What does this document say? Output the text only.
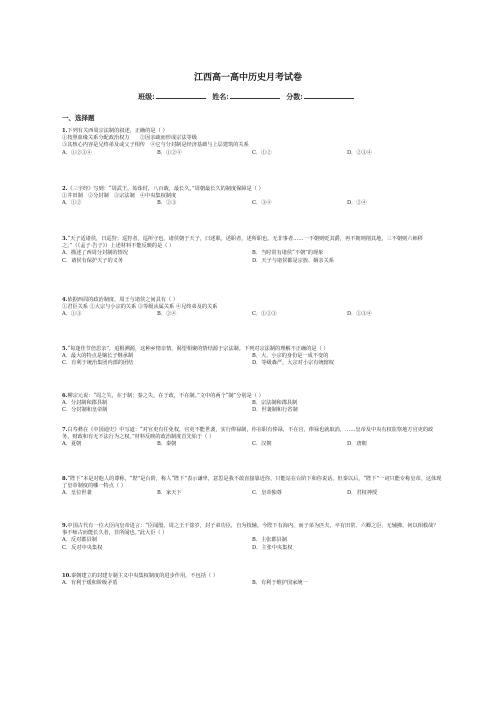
江西高一高中历史月考试卷
班级:	姓名:	分数:
一、选择题
1.下列有关西周宗法制的叙述，正确的是（ ）
①按照血缘关系分配政治权力　　②因亲疏而形成宗法等级
③其核心内容是兄终弟及或父子相传　④它与分封制是经济基础与上层建筑的关系
A．①②③④	B．①②④	C．①②	D．②③④
2.《三字经》写到：“周武王，始诛纣，八百载，最长久。”周朝最长久的制度保障是（ ）
①井田制　②分封制　③宗法制　④中央集权制度
A．①②	B．②③	C．③④	D．②④
3.“天子适诸侯，曰巡狩；巡狩者，巡所守也。诸侯朝于天子，曰述职。述职者，述所职也。无非事者……一不朝则贬其爵，再不朝则削其地，三不朝则六师移之。”（《孟子·告子》）上述材料不能反映的是（ ）
A．描述了西周分封制的情况	B．当时常有诸侯“不朝”的现象
C．诸侯有保护天子的义务	D．天子与诸侯都是宗族、姻亲关系
4.依据西周的政治制度，周王与诸侯之间具有（ ）
①君臣关系 ②大宗与小宗的关系 ③等级从属关系 ④兄终弟及的关系
A．①③	B．②④	C．①②③	D．①③④
5.“每逢佳节倍思亲”，追根溯源，这种乡情亲情，渴望相聚的情结源于宗法制。下列对宗法制的理解不正确的是（ ）
A．最大的特点是嫡长子继承制	B．大、小宗的身份是一成不变的
C．有利于统治集团内部的团结	D．等级森严，大宗对小宗有统辖权
6.柳宗元说：“周之失，在于制；秦之失，在于政，不在制。”文中的两个“制”分别是（ ）
A．分封制和郡县制	B．宗法制和郡县制
C．分封制和皇帝制	D．世袭制和行省制
7.白寿彝在《中国通史》中写道：“对官吏有任免权，官吏不能世袭，实行俸禄制，你在职有俸禄，不在官，俸禄也就取消，……皇帝及中央有权监察地方官吏的政务、财政和有无不法行为之权。”材料反映的政治制度首先始于（ ）
A．夏朝	B．秦朝	C．汉朝	D．唐朝
8.“陛下”本是对他人的尊称，“陛”是台阶，称人“陛下”表示谦卑，意思是我不敢直接靠近你，只能站在台阶下和你说话。但秦以后，“陛下”一词只能专称皇帝。这体现了皇帝制度的哪一特点（ ）
A．皇位世袭	B．家天下	C．皇帝独尊	D．君权神授
9.中国古代有一位大臣向皇帝进言：“臣闻殷、周之王千馀岁，封子弟功臣，自为枝辅。今陛下有海内，而子弟为匹夫，卒有田常、六卿之臣，无辅拂，何以相救哉？事不师古而能长久者，非所闻也。”此大臣（ ）
A．反对郡县制	B．主张郡县制
C．反对中央集权	D．主张中央集权
10.秦朝建立的封建专制主义中央集权制度的进步作用，不包括（ ）
A．有利于缓和阶级矛盾	B．有利于维护国家统一
